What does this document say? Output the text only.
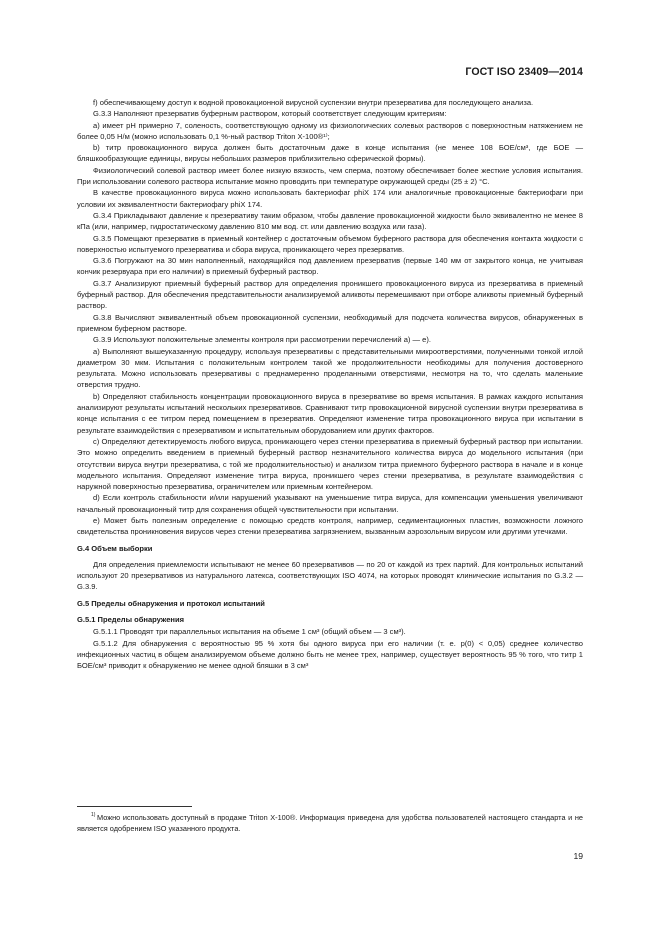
ГОСТ ISO 23409—2014

f) обеспечивающему доступ к водной провокационной вирусной суспензии внутри презерватива для последующего анализа.

G.3.3 Наполняют презерватив буферным раствором, который соответствует следующим критериям:

a) имеет pH примерно 7, соленость, соответствующую одному из физиологических солевых растворов с поверхностным натяжением не более 0,05 Н/м (можно использовать 0,1 %-ный раствор Triton X-100®¹⁾;

b) титр провокационного вируса должен быть достаточным даже в конце испытания (не менее 108 БОЕ/см³, где БОЕ — бляшкообразующие единицы, вирусы небольших размеров приблизительно сферической формы).

Физиологический солевой раствор имеет более низкую вязкость, чем сперма, поэтому обеспечивает более жесткие условия испытания. При использовании солевого раствора испытание можно проводить при температуре окружающей среды (25 ± 2) °C.

В качестве провокационного вируса можно использовать бактериофаг phiX 174 или аналогичные провокационные бактериофаги при условии их эквивалентности бактериофагу phiX 174.

G.3.4 Прикладывают давление к презервативу таким образом, чтобы давление провокационной жидкости было эквивалентно не менее 8 кПа (или, например, гидростатическому давлению 810 мм вод. ст. или давлению воздуха или газа).

G.3.5 Помещают презерватив в приемный контейнер с достаточным объемом буферного раствора для обеспечения контакта жидкости с поверхностью испытуемого презерватива и сбора вируса, проникающего через презерватив.

G.3.6 Погружают на 30 мин наполненный, находящийся под давлением презерватив (первые 140 мм от закрытого конца, не учитывая кончик резервуара при его наличии) в приемный буферный раствор.

G.3.7 Анализируют приемный буферный раствор для определения проникшего провокационного вируса из презерватива в приемный буферный раствор. Для обеспечения представительности анализируемой аликвоты перемешивают при отборе аликвоты приемный буферный раствор.

G.3.8 Вычисляют эквивалентный объем провокационной суспензии, необходимый для подсчета количества вирусов, обнаруженных в приемном буферном растворе.

G.3.9 Используют положительные элементы контроля при рассмотрении перечислений a) — e).

a) Выполняют вышеуказанную процедуру, используя презервативы с представительными микроотверстиями, полученными тонкой иглой диаметром 30 мкм. Испытания с положительным контролем такой же продолжительности необходимы для получения достоверного результата. Можно использовать презервативы с преднамеренно проделанными отверстиями, несмотря на то, что сделать маленькие отверстия трудно.

b) Определяют стабильность концентрации провокационного вируса в презервативе во время испытания. В рамках каждого испытания анализируют результаты испытаний нескольких презервативов. Сравнивают титр провокационной вирусной суспензии внутри презерватива в конце испытания с ее титром перед помещением в презерватив. Определяют изменение титра провокационного вируса при испытании в результате взаимодействия с презервативом и испытательным оборудованием или других факторов.

c) Определяют детектируемость любого вируса, проникающего через стенки презерватива в приемный буферный раствор при испытании. Это можно определить введением в приемный буферный раствор незначительного количества вируса до модельного испытания (при отсутствии вируса внутри презерватива, с той же продолжительностью) и анализом титра приемного буферного раствора в начале и в конце модельного испытания. Определяют изменение титра вируса, проникшего через стенки презерватива, в результате взаимодействия с наружной поверхностью презерватива, ограничителем или приемным контейнером.

d) Если контроль стабильности и/или нарушений указывают на уменьшение титра вируса, для компенсации уменьшения увеличивают начальный провокационный титр для сохранения общей чувствительности при испытании.

e) Может быть полезным определение с помощью средств контроля, например, седиментационных пластин, возможности ложного свидетельства проникновения вирусов через стенки презерватива загрязнением, вызванным аэрозольным вирусом или другими утечками.

G.4 Объем выборки

Для определения приемлемости испытывают не менее 60 презервативов — по 20 от каждой из трех партий. Для контрольных испытаний используют 20 презервативов из натурального латекса, соответствующих ISO 4074, на которых проводят клинические испытания по G.3.2 — G.3.9.

G.5 Пределы обнаружения и протокол испытаний

G.5.1 Пределы обнаружения

G.5.1.1 Проводят три параллельных испытания на объеме 1 см³ (общий объем — 3 см³).

G.5.1.2 Для обнаружения с вероятностью 95 % хотя бы одного вируса при его наличии (т. е. p(0) < 0,05) среднее количество инфекционных частиц в общем анализируемом объеме должно быть не менее трех, например, существует вероятность 95 % того, что титр 1 БОЕ/см³ приводит к обнаружению не менее одной бляшки в 3 см³

$^{1)}$ Можно использовать доступный в продаже Triton X-100®. Информация приведена для удобства пользователей настоящего стандарта и не является одобрением ISO указанного продукта.
19
